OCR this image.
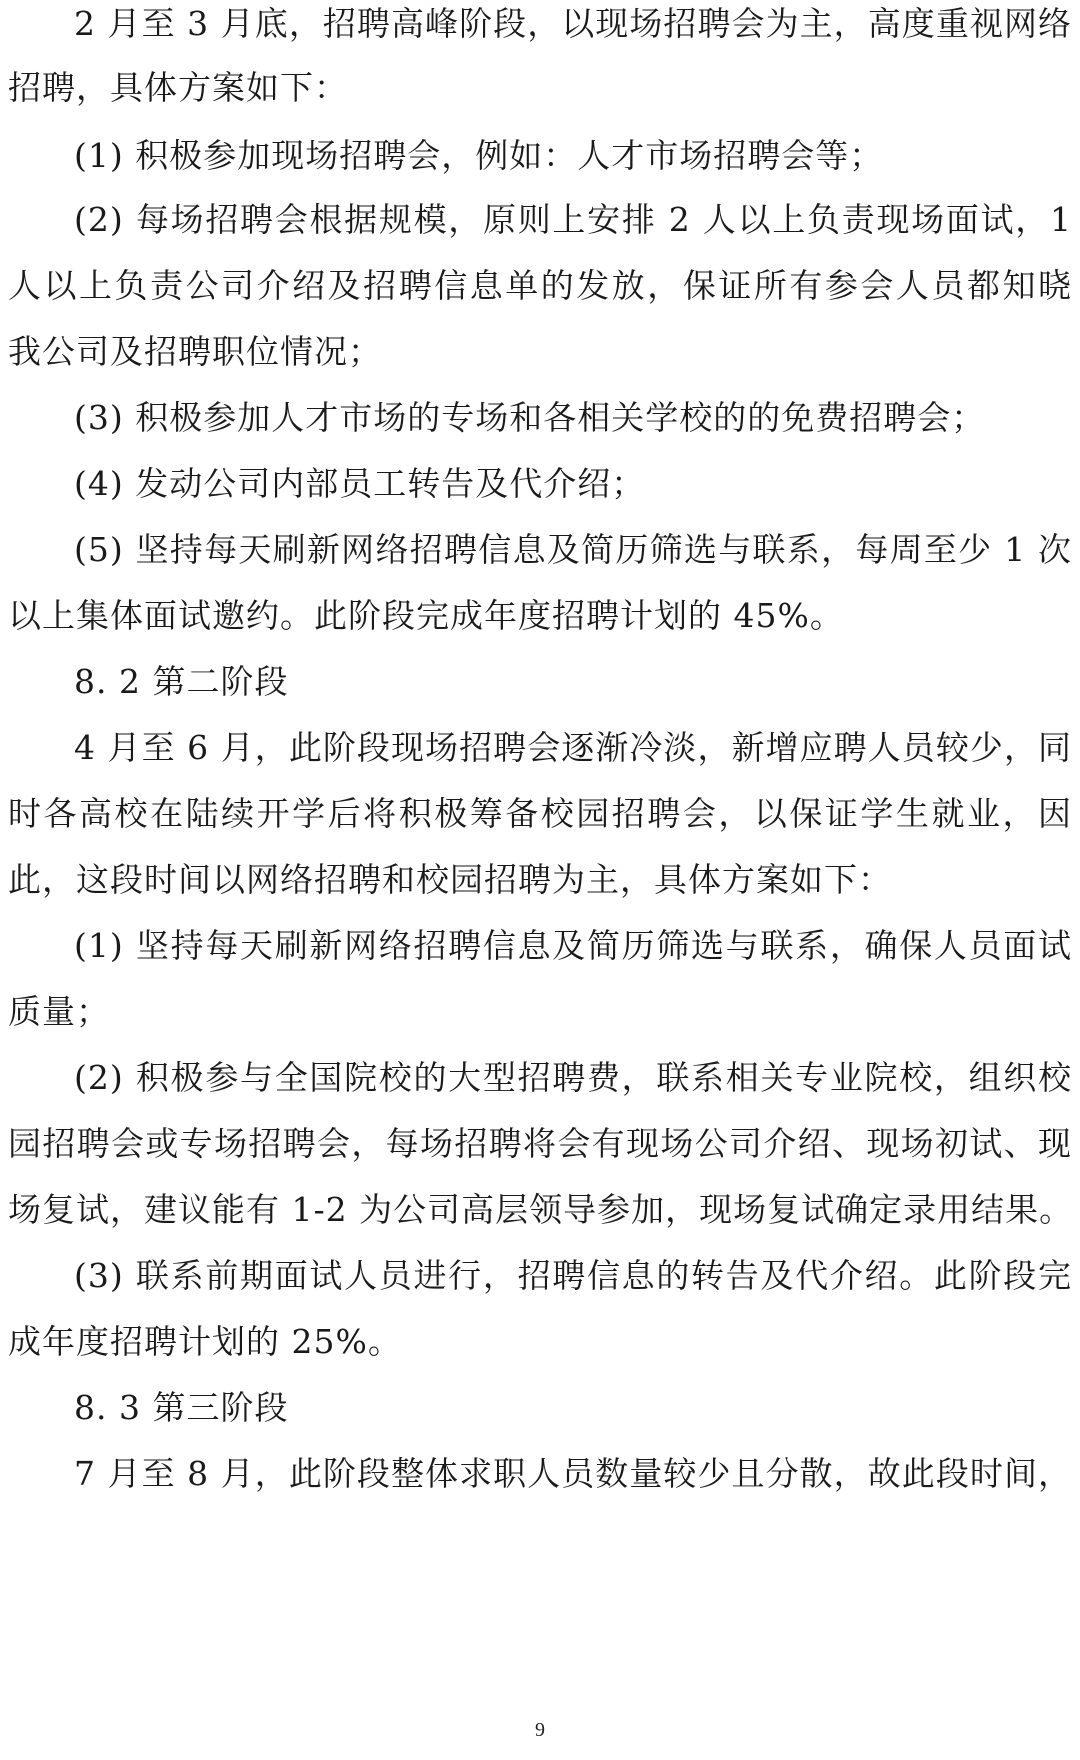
2 月至 3 月底，招聘高峰阶段，以现场招聘会为主，高度重视网络
招聘，具体方案如下：
(1) 积极参加现场招聘会，例如：人才市场招聘会等；
(2) 每场招聘会根据规模，原则上安排 2 人以上负责现场面试，1
人以上负责公司介绍及招聘信息单的发放，保证所有参会人员都知晓
我公司及招聘职位情况；
(3) 积极参加人才市场的专场和各相关学校的的免费招聘会；
(4) 发动公司内部员工转告及代介绍；
(5) 坚持每天刷新网络招聘信息及简历筛选与联系，每周至少 1 次
以上集体面试邀约。此阶段完成年度招聘计划的 45%。
8. 2 第二阶段
4 月至 6 月，此阶段现场招聘会逐渐冷淡，新增应聘人员较少，同
时各高校在陆续开学后将积极筹备校园招聘会，以保证学生就业，因
此，这段时间以网络招聘和校园招聘为主，具体方案如下：
(1) 坚持每天刷新网络招聘信息及简历筛选与联系，确保人员面试
质量；
(2) 积极参与全国院校的大型招聘费，联系相关专业院校，组织校
园招聘会或专场招聘会，每场招聘将会有现场公司介绍、现场初试、现
场复试，建议能有 1-2 为公司高层领导参加，现场复试确定录用结果。
(3) 联系前期面试人员进行，招聘信息的转告及代介绍。此阶段完
成年度招聘计划的 25%。
8. 3 第三阶段
7 月至 8 月，此阶段整体求职人员数量较少且分散，故此段时间，
9
